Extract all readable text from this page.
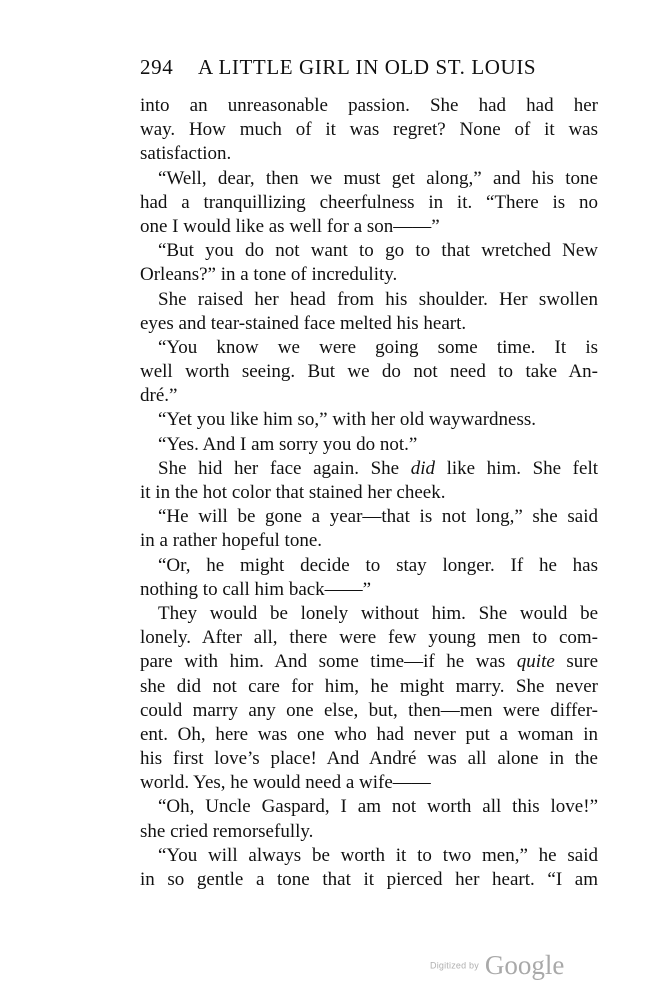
294 A LITTLE GIRL IN OLD ST. LOUIS
into an unreasonable passion. She had had her
way. How much of it was regret? None of it was
satisfaction.
“Well, dear, then we must get along,” and his tone
had a tranquillizing cheerfulness in it. “There is no
one I would like as well for a son——”
“But you do not want to go to that wretched New
Orleans?” in a tone of incredulity.
She raised her head from his shoulder. Her swollen
eyes and tear-stained face melted his heart.
“You know we were going some time. It is
well worth seeing. But we do not need to take An-
dré.”
“Yet you like him so,” with her old waywardness.
“Yes. And I am sorry you do not.”
She hid her face again. She did like him. She felt
it in the hot color that stained her cheek.
“He will be gone a year—that is not long,” she said
in a rather hopeful tone.
“Or, he might decide to stay longer. If he has
nothing to call him back——”
They would be lonely without him. She would be
lonely. After all, there were few young men to com-
pare with him. And some time—if he was quite sure
she did not care for him, he might marry. She never
could marry any one else, but, then—men were differ-
ent. Oh, here was one who had never put a woman in
his first love’s place! And André was all alone in the
world. Yes, he would need a wife——
“Oh, Uncle Gaspard, I am not worth all this love!”
she cried remorsefully.
“You will always be worth it to two men,” he said
in so gentle a tone that it pierced her heart. “I am
Digitized by Google
